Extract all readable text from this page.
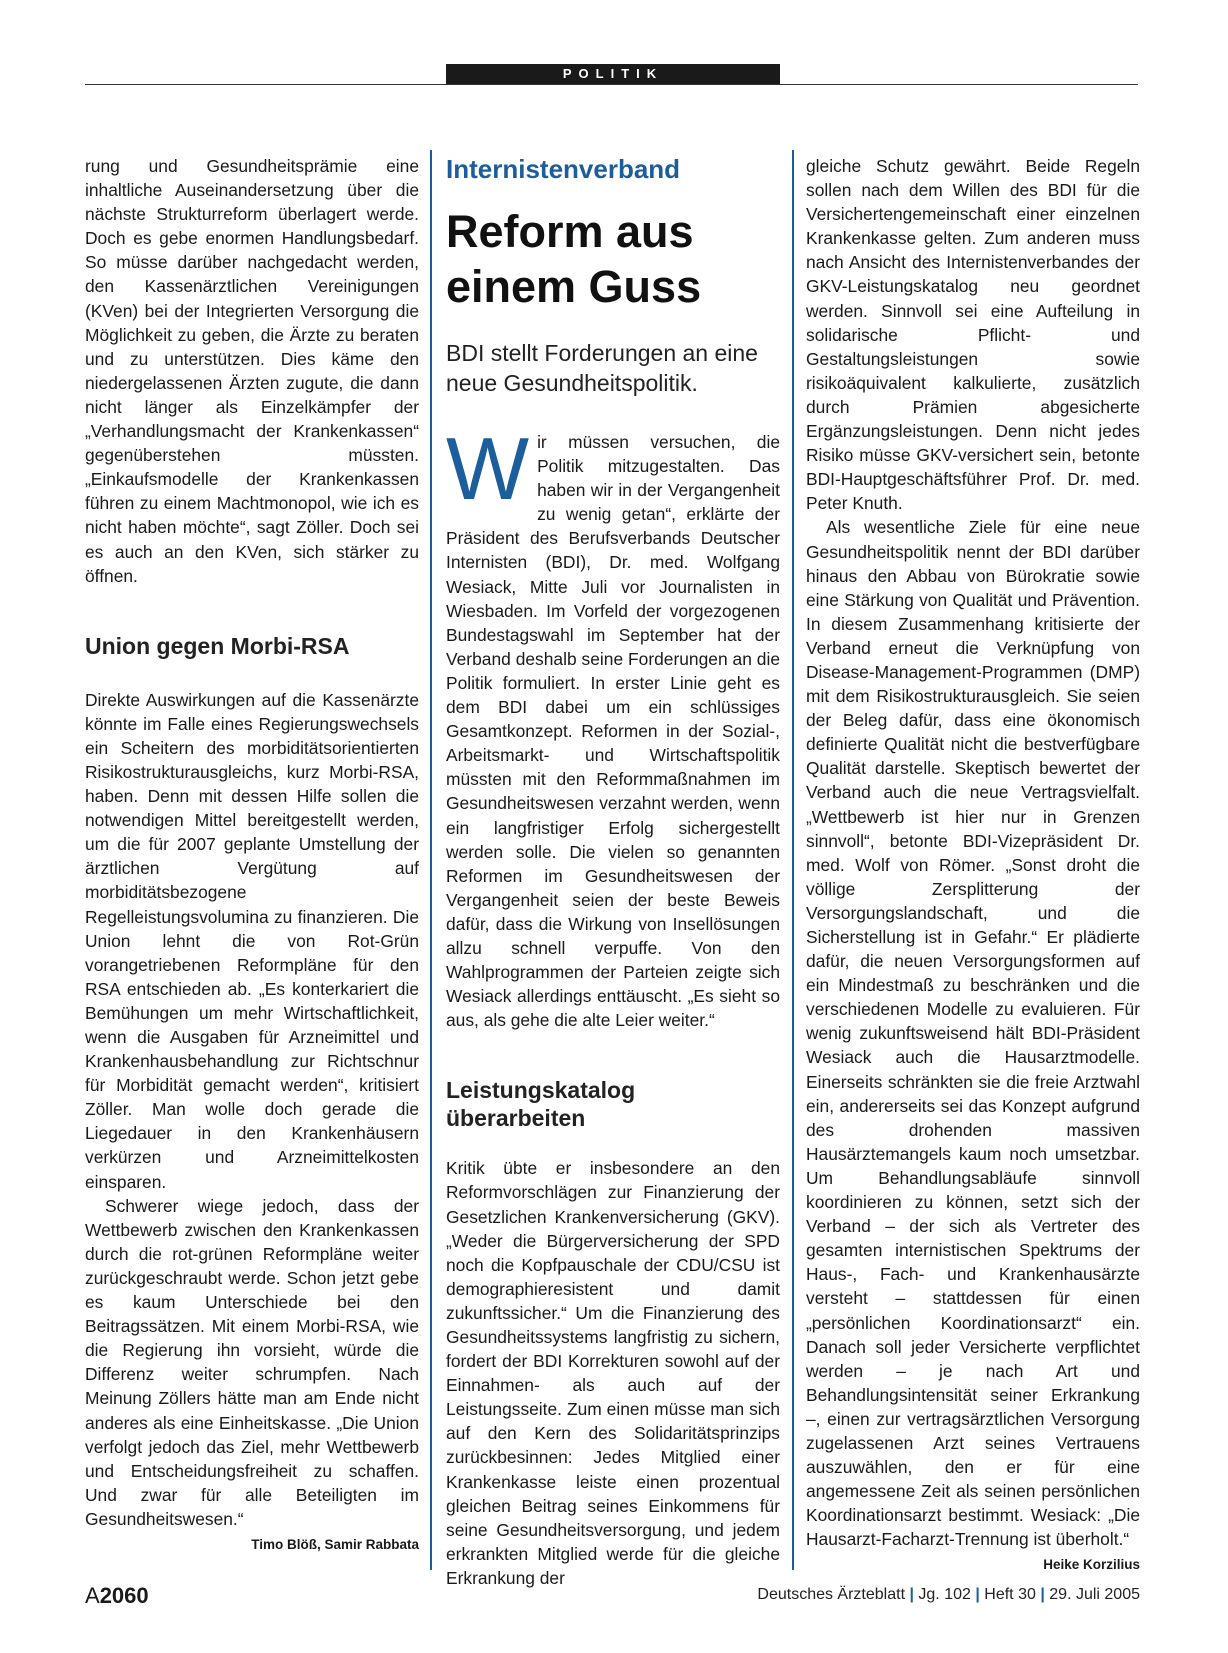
POLITIK

rung und Gesundheitsprämie eine inhaltliche Auseinandersetzung über die nächste Strukturreform überlagert werde. Doch es gebe enormen Handlungsbedarf. So müsse darüber nachgedacht werden, den Kassenärztlichen Vereinigungen (KVen) bei der Integrierten Versorgung die Möglichkeit zu geben, die Ärzte zu beraten und zu unterstützen. Dies käme den niedergelassenen Ärzten zugute, die dann nicht länger als Einzelkämpfer der „Verhandlungsmacht der Krankenkassen“ gegenüberstehen müssten. „Einkaufsmodelle der Krankenkassen führen zu einem Machtmonopol, wie ich es nicht haben möchte“, sagt Zöller. Doch sei es auch an den KVen, sich stärker zu öffnen.

Union gegen Morbi-RSA

Direkte Auswirkungen auf die Kassenärzte könnte im Falle eines Regierungswechsels ein Scheitern des morbiditätsorientierten Risikostrukturausgleichs, kurz Morbi-RSA, haben. Denn mit dessen Hilfe sollen die notwendigen Mittel bereitgestellt werden, um die für 2007 geplante Umstellung der ärztlichen Vergütung auf morbiditätsbezogene Regelleistungsvolumina zu finanzieren. Die Union lehnt die von Rot-Grün vorangetriebenen Reformpläne für den RSA entschieden ab. „Es konterkariert die Bemühungen um mehr Wirtschaftlichkeit, wenn die Ausgaben für Arzneimittel und Krankenhausbehandlung zur Richtschnur für Morbidität gemacht werden“, kritisiert Zöller. Man wolle doch gerade die Liegedauer in den Krankenhäusern verkürzen und Arzneimittelkosten einsparen.

Schwerer wiege jedoch, dass der Wettbewerb zwischen den Krankenkassen durch die rot-grünen Reformpläne weiter zurückgeschraubt werde. Schon jetzt gebe es kaum Unterschiede bei den Beitragssätzen. Mit einem Morbi-RSA, wie die Regierung ihn vorsieht, würde die Differenz weiter schrumpfen. Nach Meinung Zöllers hätte man am Ende nicht anderes als eine Einheitskasse. „Die Union verfolgt jedoch das Ziel, mehr Wettbewerb und Entscheidungsfreiheit zu schaffen. Und zwar für alle Beteiligten im Gesundheitswesen.“
Timo Blöß, Samir Rabbata

Internistenverband
Reform aus
einem Guss
BDI stellt Forderungen an eine neue Gesundheitspolitik.

Wir müssen versuchen, die Politik mitzugestalten. Das haben wir in der Vergangenheit zu wenig getan“, erklärte der Präsident des Berufsverbands Deutscher Internisten (BDI), Dr. med. Wolfgang Wesiack, Mitte Juli vor Journalisten in Wiesbaden. Im Vorfeld der vorgezogenen Bundestagswahl im September hat der Verband deshalb seine Forderungen an die Politik formuliert. In erster Linie geht es dem BDI dabei um ein schlüssiges Gesamtkonzept. Reformen in der Sozial-, Arbeitsmarkt- und Wirtschaftspolitik müssten mit den Reformmaßnahmen im Gesundheitswesen verzahnt werden, wenn ein langfristiger Erfolg sichergestellt werden solle. Die vielen so genannten Reformen im Gesundheitswesen der Vergangenheit seien der beste Beweis dafür, dass die Wirkung von Insellösungen allzu schnell verpuffe. Von den Wahlprogrammen der Parteien zeigte sich Wesiack allerdings enttäuscht. „Es sieht so aus, als gehe die alte Leier weiter.“

Leistungskatalog überarbeiten

Kritik übte er insbesondere an den Reformvorschlägen zur Finanzierung der Gesetzlichen Krankenversicherung (GKV). „Weder die Bürgerversicherung der SPD noch die Kopfpauschale der CDU/CSU ist demographieresistent und damit zukunftssicher.“ Um die Finanzierung des Gesundheitssystems langfristig zu sichern, fordert der BDI Korrekturen sowohl auf der Einnahmen- als auch auf der Leistungsseite. Zum einen müsse man sich auf den Kern des Solidaritätsprinzips zurückbesinnen: Jedes Mitglied einer Krankenkasse leiste einen prozentual gleichen Beitrag seines Einkommens für seine Gesundheitsversorgung, und jedem erkrankten Mitglied werde für die gleiche Erkrankung der

gleiche Schutz gewährt. Beide Regeln sollen nach dem Willen des BDI für die Versichertengemeinschaft einer einzelnen Krankenkasse gelten. Zum anderen muss nach Ansicht des Internistenverbandes der GKV-Leistungskatalog neu geordnet werden. Sinnvoll sei eine Aufteilung in solidarische Pflicht- und Gestaltungsleistungen sowie risikoäquivalent kalkulierte, zusätzlich durch Prämien abgesicherte Ergänzungsleistungen. Denn nicht jedes Risiko müsse GKV-versichert sein, betonte BDI-Hauptgeschäftsführer Prof. Dr. med. Peter Knuth.

Als wesentliche Ziele für eine neue Gesundheitspolitik nennt der BDI darüber hinaus den Abbau von Bürokratie sowie eine Stärkung von Qualität und Prävention. In diesem Zusammenhang kritisierte der Verband erneut die Verknüpfung von Disease-Management-Programmen (DMP) mit dem Risikostrukturausgleich. Sie seien der Beleg dafür, dass eine ökonomisch definierte Qualität nicht die bestverfügbare Qualität darstelle. Skeptisch bewertet der Verband auch die neue Vertragsvielfalt. „Wettbewerb ist hier nur in Grenzen sinnvoll“, betonte BDI-Vizepräsident Dr. med. Wolf von Römer. „Sonst droht die völlige Zersplitterung der Versorgungslandschaft, und die Sicherstellung ist in Gefahr.“ Er plädierte dafür, die neuen Versorgungsformen auf ein Mindestmaß zu beschränken und die verschiedenen Modelle zu evaluieren. Für wenig zukunftsweisend hält BDI-Präsident Wesiack auch die Hausarztmodelle. Einerseits schränkten sie die freie Arztwahl ein, andererseits sei das Konzept aufgrund des drohenden massiven Hausärztemangels kaum noch umsetzbar. Um Behandlungsabläufe sinnvoll koordinieren zu können, setzt sich der Verband – der sich als Vertreter des gesamten internistischen Spektrums der Haus-, Fach- und Krankenhausärzte versteht – stattdessen für einen „persönlichen Koordinationsarzt“ ein. Danach soll jeder Versicherte verpflichtet werden – je nach Art und Behandlungsintensität seiner Erkrankung –, einen zur vertragsärztlichen Versorgung zugelassenen Arzt seines Vertrauens auszuwählen, den er für eine angemessene Zeit als seinen persönlichen Koordinationsarzt bestimmt. Wesiack: „Die Hausarzt-Facharzt-Trennung ist überholt.“
Heike Korzilius

A2060	Deutsches Ärzteblatt | Jg. 102 | Heft 30 | 29. Juli 2005
